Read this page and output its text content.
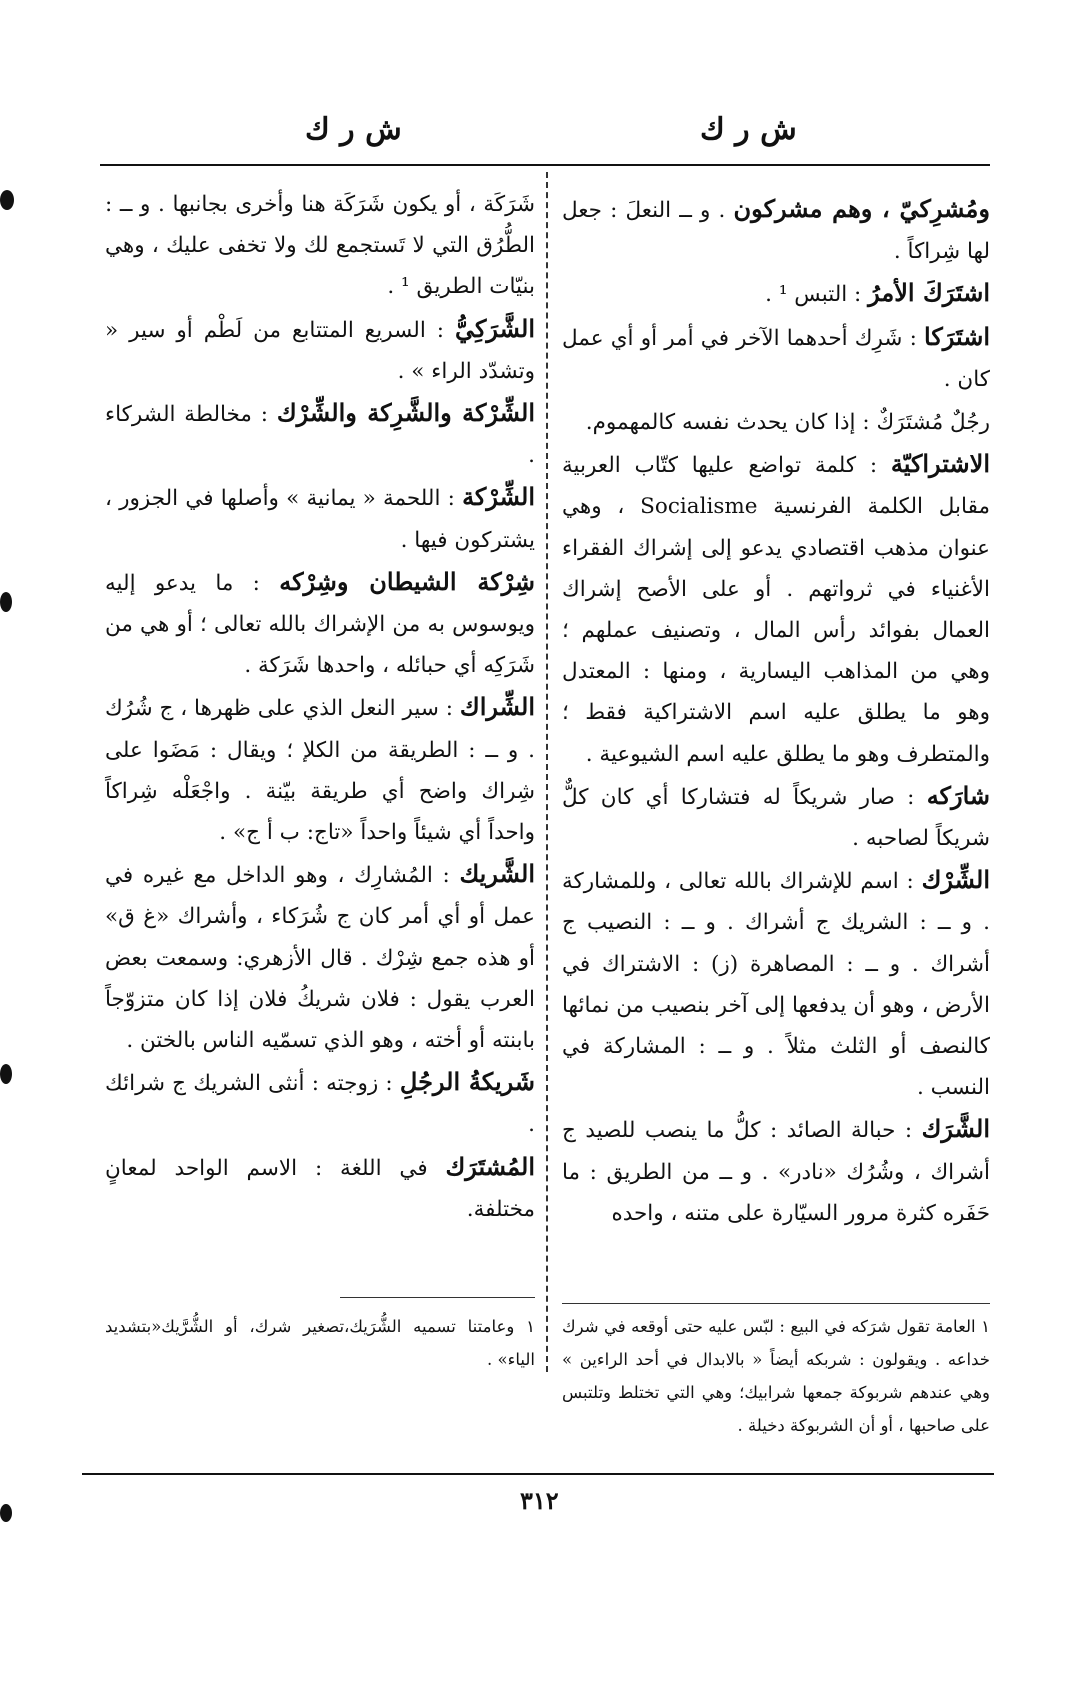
ش ر ك
ش ر ك

ومُشرِكيّ ، وهم مشركون . و ــ النعلَ : جعل لها شِراكاً .

اشتَرَكَ الأمرُ : التبس ¹ .

اشتَرَكا : شَرِك أحدهما الآخر في أمر أو أي عمل كان .

رجُلٌ مُشتَرَكٌ : إذا كان يحدث نفسه كالمهموم.

الاشتراكيّة : كلمة تواضع عليها كتّاب العربية مقابل الكلمة الفرنسية Socialisme ، وهي عنوان مذهب اقتصادي يدعو إلى إشراك الفقراء الأغنياء في ثرواتهم . أو على الأصح إشراك العمال بفوائد رأس المال ، وتصنيف عملهم ؛ وهي من المذاهب اليسارية ، ومنها : المعتدل وهو ما يطلق عليه اسم الاشتراكية فقط ؛ والمتطرف وهو ما يطلق عليه اسم الشيوعية .

شارَكه : صار شريكاً له فتشاركا أي كان كلٌّ شريكاً لصاحبه .

الشِّرْك : اسم للإشراك بالله تعالى ، وللمشاركة . و ــ : الشريك ج أشراك . و ــ : النصيب ج أشراك . و ــ : المصاهرة (ز) : الاشتراك في الأرض ، وهو أن يدفعها إلى آخر بنصيب من نمائها كالنصف أو الثلث مثلاً . و ــ : المشاركة في النسب .

الشَّرَك : حبالة الصائد : كلُّ ما ينصب للصيد ج أشراك ، وشُرُك «نادر» . و ــ من الطريق : ما حَفَره كثرة مرور السيّارة على متنه ، واحده

شَرَكَة ، أو يكون شَرَكَة هنا وأخرى بجانبها . و ــ : الطُّرُق التي لا تَستجمع لك ولا تخفى عليك ، وهي بنيّات الطريق ¹ .

الشَّرَكِيُّ : السريع المتتابع من لَطْم أو سير « وتشدّد الراء » .

الشِّرْكة والشَّرِكة والشِّرْك : مخالطة الشركاء .

الشِّرْكة : اللحمة « يمانية » وأصلها في الجزور ، يشتركون فيها .

شِرْكة الشيطان وشِرْكه : ما يدعو إليه ويوسوس به من الإشراك بالله تعالى ؛ أو هي من شَرَكِه أي حبائله ، واحدها شَرَكة .

الشِّراك : سير النعل الذي على ظهرها ، ج شُرُك . و ــ : الطريقة من الكلإ ؛ ويقال : مَضَوا على شِراك واضح أي طريقة بيّنة . واجْعَلْه شِراكاً واحداً أي شيئاً واحداً «تاج: ب أ ج» .

الشَّريك : المُشارِك ، وهو الداخل مع غيره في عمل أو أي أمر كان ج شُرَكاء ، وأشراك «غ ق» أو هذه جمع شِرْك . قال الأزهري: وسمعت بعض العرب يقول : فلان شريكُ فلان إذا كان متزوّجاً بابنته أو أخته ، وهو الذي تسمّيه الناس بالختن .

شَريكةُ الرجُلِ : زوجته : أنثى الشريك ج شرائك .

المُشتَرَك في اللغة : الاسم الواحد لمعانٍ مختلفة.

١ العامة تقول شرَكه في البيع : لبّس عليه حتى أوقعه في شرك خداعه . ويقولون : شربكه أيضاً « بالابدال في أحد الراءين » وهي عندهم شربوكة جمعها شرابيك؛ وهي التي تختلط وتلتبس على صاحبها ، أو أن الشربوكة دخيلة .
١ وعامتنا تسميه الشُّرَيك،تصغير شرك، أو الشُّرَّيك«بتشديد الياء» .
٣١٢
